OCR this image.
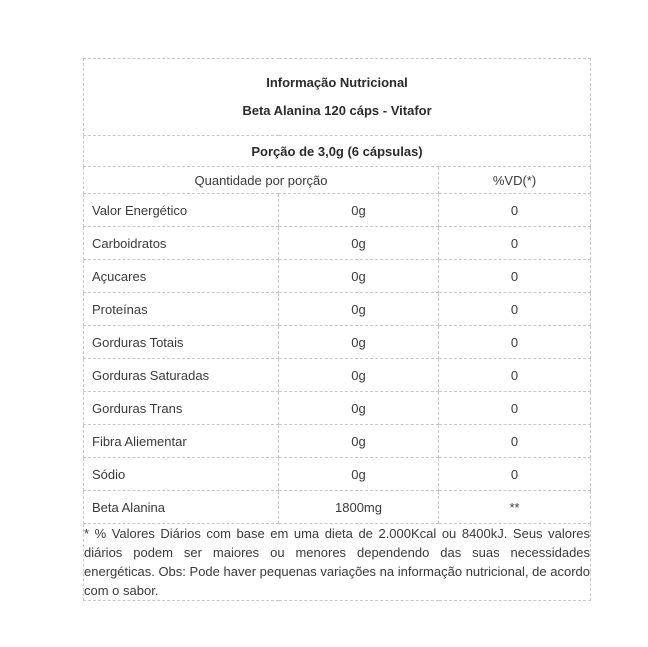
Informação Nutricional
Beta Alanina 120 cáps - Vitafor		

Porção de 3,0g (6 cápsulas)		
Quantidade por porção		%VD(*)
Valor Energético	0g	0
Carboidratos	0g	0
Açucares	0g	0
Proteínas	0g	0
Gorduras Totais	0g	0
Gorduras Saturadas	0g	0
Gorduras Trans	0g	0
Fibra Aliementar	0g	0
Sódio	0g	0
Beta Alanina	1800mg	**
* % Valores Diários com base em uma dieta de 2.000Kcal ou 8400kJ. Seus valores diários podem ser maiores ou menores dependendo das suas necessidades energéticas. Obs: Pode haver pequenas variações na informação nutricional, de acordo com o sabor.		
